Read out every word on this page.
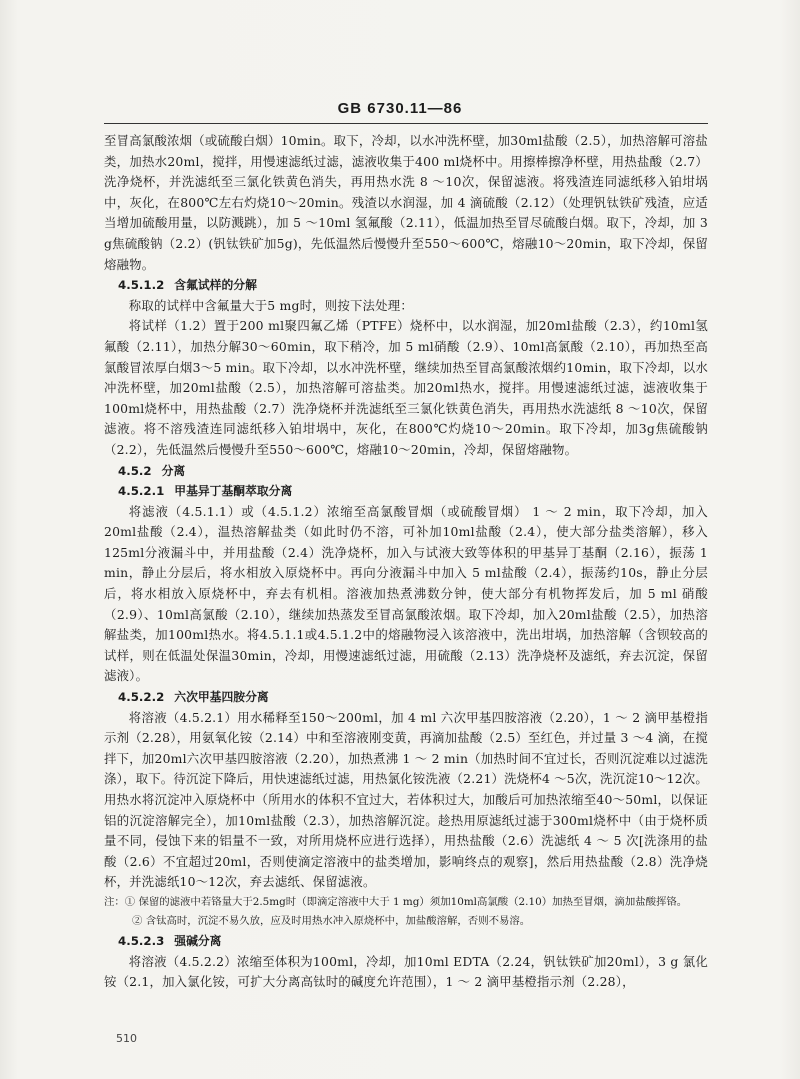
GB 6730.11—86

至冒高氯酸浓烟（或硫酸白烟）10min。取下，冷却，以水冲洗杯壁，加30ml盐酸（2.5），加热溶解可溶盐类，加热水20ml，搅拌，用慢速滤纸过滤，滤液收集于400 ml烧杯中。用擦棒擦净杯壁，用热盐酸（2.7）洗净烧杯，并洗滤纸至三氯化铁黄色消失，再用热水洗 8 ～10次，保留滤液。将残渣连同滤纸移入铂坩埚中，灰化，在800℃左右灼烧10～20min。残渣以水润湿，加 4 滴硫酸（2.12）（处理钒钛铁矿残渣，应适当增加硫酸用量，以防溅跳），加 5 ～10ml 氢氟酸（2.11），低温加热至冒尽硫酸白烟。取下，冷却，加 3 g焦硫酸钠（2.2）(钒钛铁矿加5g)，先低温然后慢慢升至550～600℃，熔融10～20min，取下冷却，保留熔融物。

4.5.1.2 含氟试样的分解

称取的试样中含氟量大于5 mg时，则按下法处理：

将试样（1.2）置于200 ml聚四氟乙烯（PTFE）烧杯中，以水润湿，加20ml盐酸（2.3），约10ml氢氟酸（2.11），加热分解30～60min，取下稍冷，加 5 ml硝酸（2.9）、10ml高氯酸（2.10），再加热至高氯酸冒浓厚白烟3～5 min。取下冷却，以水冲洗杯壁，继续加热至冒高氯酸浓烟约10min，取下冷却，以水冲洗杯壁，加20ml盐酸（2.5），加热溶解可溶盐类。加20ml热水，搅拌。用慢速滤纸过滤，滤液收集于100ml烧杯中，用热盐酸（2.7）洗净烧杯并洗滤纸至三氯化铁黄色消失，再用热水洗滤纸 8 ～10次，保留滤液。将不溶残渣连同滤纸移入铂坩埚中，灰化，在800℃灼烧10～20min。取下冷却，加3g焦硫酸钠（2.2），先低温然后慢慢升至550～600℃，熔融10～20min，冷却，保留熔融物。

4.5.2 分离

4.5.2.1 甲基异丁基酮萃取分离

将滤液（4.5.1.1）或（4.5.1.2）浓缩至高氯酸冒烟（或硫酸冒烟） 1 ～ 2 min，取下冷却，加入20ml盐酸（2.4），温热溶解盐类（如此时仍不溶，可补加10ml盐酸（2.4），使大部分盐类溶解），移入125ml分液漏斗中，并用盐酸（2.4）洗净烧杯，加入与试液大致等体积的甲基异丁基酮（2.16），振荡 1 min，静止分层后，将水相放入原烧杯中。再向分液漏斗中加入 5 ml盐酸（2.4），振荡约10s，静止分层后，将水相放入原烧杯中，弃去有机相。溶液加热煮沸数分钟，使大部分有机物挥发后，加 5 ml 硝酸（2.9）、10ml高氯酸（2.10），继续加热蒸发至冒高氯酸浓烟。取下冷却，加入20ml盐酸（2.5），加热溶解盐类，加100ml热水。将4.5.1.1或4.5.1.2中的熔融物浸入该溶液中，洗出坩埚，加热溶解（含钡较高的试样，则在低温处保温30min，冷却，用慢速滤纸过滤，用硫酸（2.13）洗净烧杯及滤纸，弃去沉淀，保留滤液）。

4.5.2.2 六次甲基四胺分离

将溶液（4.5.2.1）用水稀释至150～200ml，加 4 ml 六次甲基四胺溶液（2.20），1 ～ 2 滴甲基橙指示剂（2.28），用氨氧化铵（2.14）中和至溶液刚变黄，再滴加盐酸（2.5）至红色，并过量 3 ～4 滴，在搅拌下，加20ml六次甲基四胺溶液（2.20），加热煮沸 1 ～ 2 min（加热时间不宜过长，否则沉淀难以过滤洗涤），取下。待沉淀下降后，用快速滤纸过滤，用热氯化铵洗液（2.21）洗烧杯4 ～5次，洗沉淀10～12次。用热水将沉淀冲入原烧杯中（所用水的体积不宜过大，若体积过大，加酸后可加热浓缩至40～50ml，以保证铝的沉淀溶解完全），加10ml盐酸（2.3），加热溶解沉淀。趁热用原滤纸过滤于300ml烧杯中（由于烧杯质量不同，侵蚀下来的铝量不一致，对所用烧杯应进行选择），用热盐酸（2.6）洗滤纸 4 ～ 5 次[洗涤用的盐酸（2.6）不宜超过20ml，否则使滴定溶液中的盐类增加，影响终点的观察]，然后用热盐酸（2.8）洗净烧杯，并洗滤纸10～12次，弃去滤纸、保留滤液。

注：① 保留的滤液中若铬量大于2.5mg时（即滴定溶液中大于 1 mg）须加10ml高氯酸（2.10）加热至冒烟，滴加盐酸挥铬。

② 含钛高时，沉淀不易久放，应及时用热水冲入原烧杯中，加盐酸溶解，否则不易溶。

4.5.2.3 强碱分离

将溶液（4.5.2.2）浓缩至体积为100ml，冷却，加10ml EDTA（2.24，钒钛铁矿加20ml），3 g 氯化铵（2.1，加入氯化铵，可扩大分离高钛时的碱度允许范围），1 ～ 2 滴甲基橙指示剂（2.28），

510
